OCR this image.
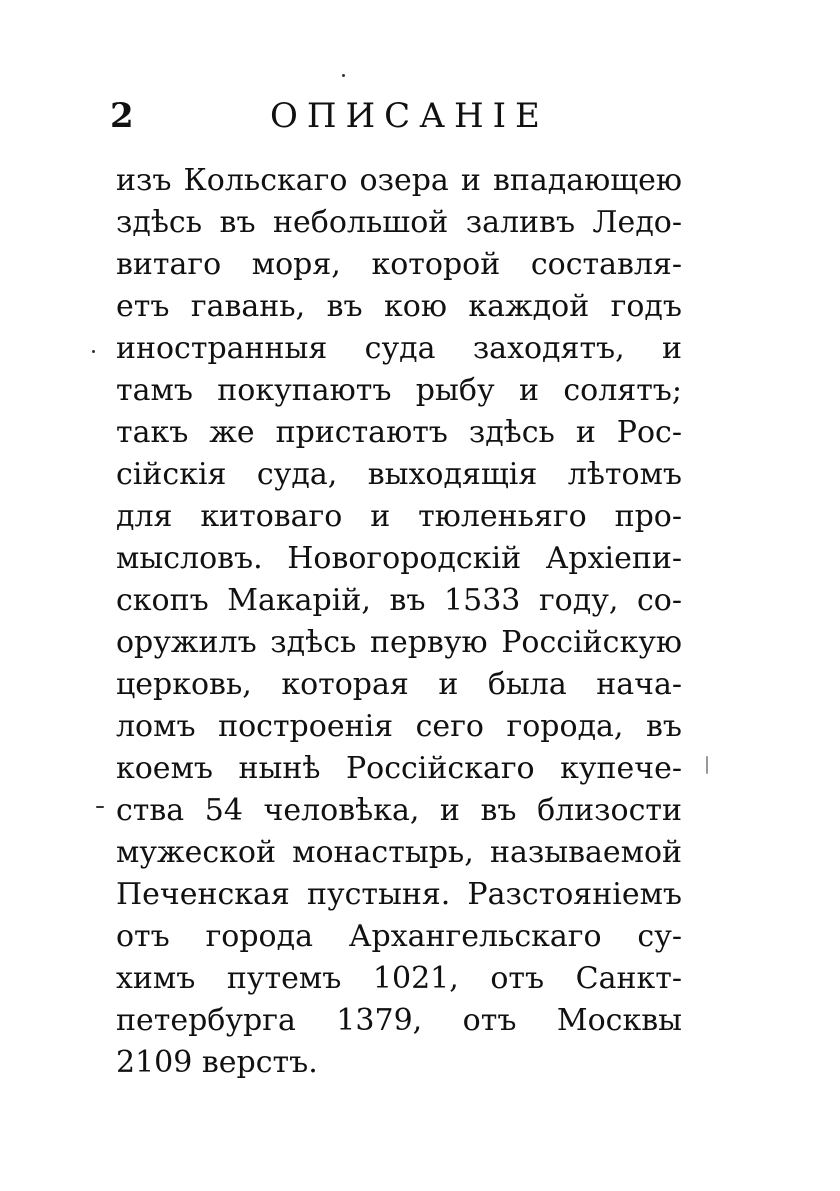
2	ОПИСАНІЕ
изъ Кольскаго озера и впадающею
здѣсь въ небольшой заливъ Ледо-
витаго моря, которой составля-
етъ гавань, въ кою каждой годъ
иностранныя суда заходятъ, и
тамъ покупаютъ рыбу и солятъ;
такъ же пристаютъ здѣсь и Рос-
сійскія суда, выходящія лѣтомъ
для китоваго и тюленьяго про-
мысловъ. Новогородскій Архіепи-
скопъ Макарій, въ 1533 году, со-
оружилъ здѣсь первую Россійскую
церковь, которая и была нача-
ломъ построенія сего города, въ
коемъ нынѣ Россійскаго купече-
ства 54 человѣка, и въ близости
мужеской монастырь, называемой
Печенская пустыня. Разстояніемъ
отъ города Архангельскаго су-
химъ путемъ 1021, отъ Санкт-
петербурга 1379, отъ Москвы
2109 верстъ.
